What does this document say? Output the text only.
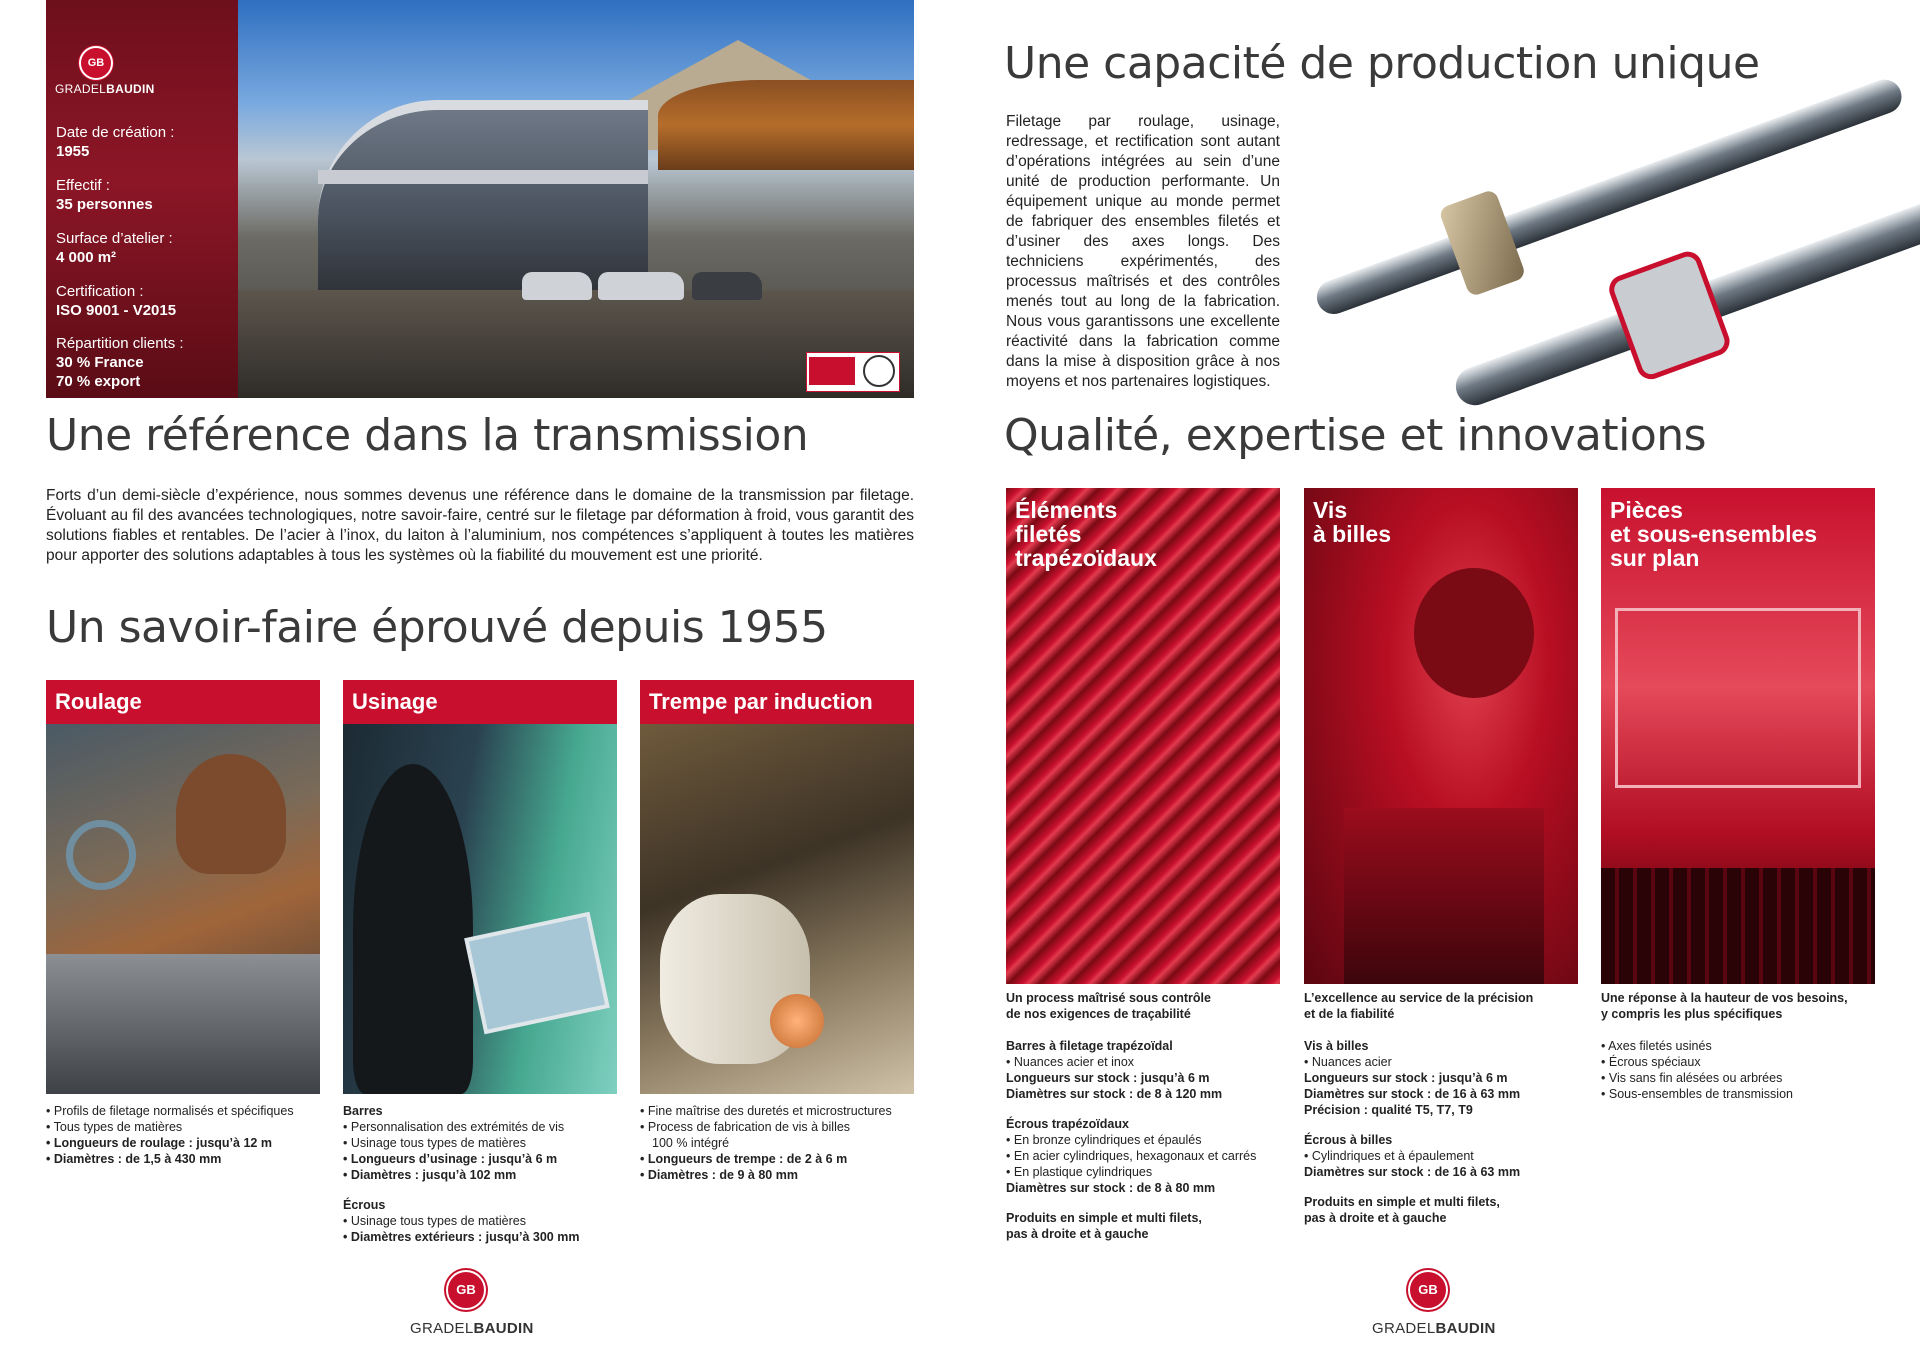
GB
GRADELBAUDIN
Date de création :
1955
Effectif :
35 personnes
Surface d’atelier :
4 000 m²
Certification :
ISO 9001 - V2015
Répartition clients :
30 % France
70 % export
Une référence dans la transmission

Forts d’un demi-siècle d’expérience, nous sommes devenus une référence dans le domaine de la transmission par filetage. Évoluant au fil des avancées technologiques, notre savoir-faire, centré sur le filetage par déformation à froid, vous garantit des solutions fiables et rentables. De l’acier à l’inox, du laiton à l’aluminium, nos compétences s’appliquent à toutes les matières pour apporter des solutions adaptables à tous les systèmes où la fiabilité du mouvement est une priorité.

Un savoir-faire éprouvé depuis 1955
Roulage
• Profils de filetage normalisés et spécifiques
• Tous types de matières
• Longueurs de roulage : jusqu’à 12 m
• Diamètres : de 1,5 à 430 mm
Usinage
Barres
• Personnalisation des extrémités de vis
• Usinage tous types de matières
• Longueurs d’usinage : jusqu’à 6 m
• Diamètres : jusqu’à 102 mm
Écrous
• Usinage tous types de matières
• Diamètres extérieurs : jusqu’à 300 mm
Trempe par induction
• Fine maîtrise des duretés et microstructures
• Process de fabrication de vis à billes
100 % intégré
• Longueurs de trempe : de 2 à 6 m
• Diamètres : de 9 à 80 mm
GB
GRADELBAUDIN
Une capacité de production unique

Filetage par roulage, usinage, redressage, et rectification sont autant d’opérations intégrées au sein d’une unité de production performante. Un équipement unique au monde permet de fabriquer des ensembles filetés et d’usiner des axes longs. Des techniciens expérimentés, des processus maîtrisés et des contrôles menés tout au long de la fabrication. Nous vous garantissons une excellente réactivité dans la fabrication comme dans la mise à disposition grâce à nos moyens et nos partenaires logistiques.

Qualité, expertise et innovations
Éléments
filetés
trapézoïdaux
Un process maîtrisé sous contrôle
de nos exigences de traçabilité
Barres à filetage trapézoïdal
• Nuances acier et inox
Longueurs sur stock : jusqu’à 6 m
Diamètres sur stock : de 8 à 120 mm
Écrous trapézoïdaux
• En bronze cylindriques et épaulés
• En acier cylindriques, hexagonaux et carrés
• En plastique cylindriques
Diamètres sur stock : de 8 à 80 mm
Produits en simple et multi filets,
pas à droite et à gauche
Vis
à billes
L’excellence au service de la précision
et de la fiabilité
Vis à billes
• Nuances acier
Longueurs sur stock : jusqu’à 6 m
Diamètres sur stock : de 16 à 63 mm
Précision : qualité T5, T7, T9
Écrous à billes
• Cylindriques et à épaulement
Diamètres sur stock : de 16 à 63 mm
Produits en simple et multi filets,
pas à droite et à gauche
Pièces
et sous-ensembles
sur plan
Une réponse à la hauteur de vos besoins,
y compris les plus spécifiques
• Axes filetés usinés
• Écrous spéciaux
• Vis sans fin alésées ou arbrées
• Sous-ensembles de transmission
GB
GRADELBAUDIN
